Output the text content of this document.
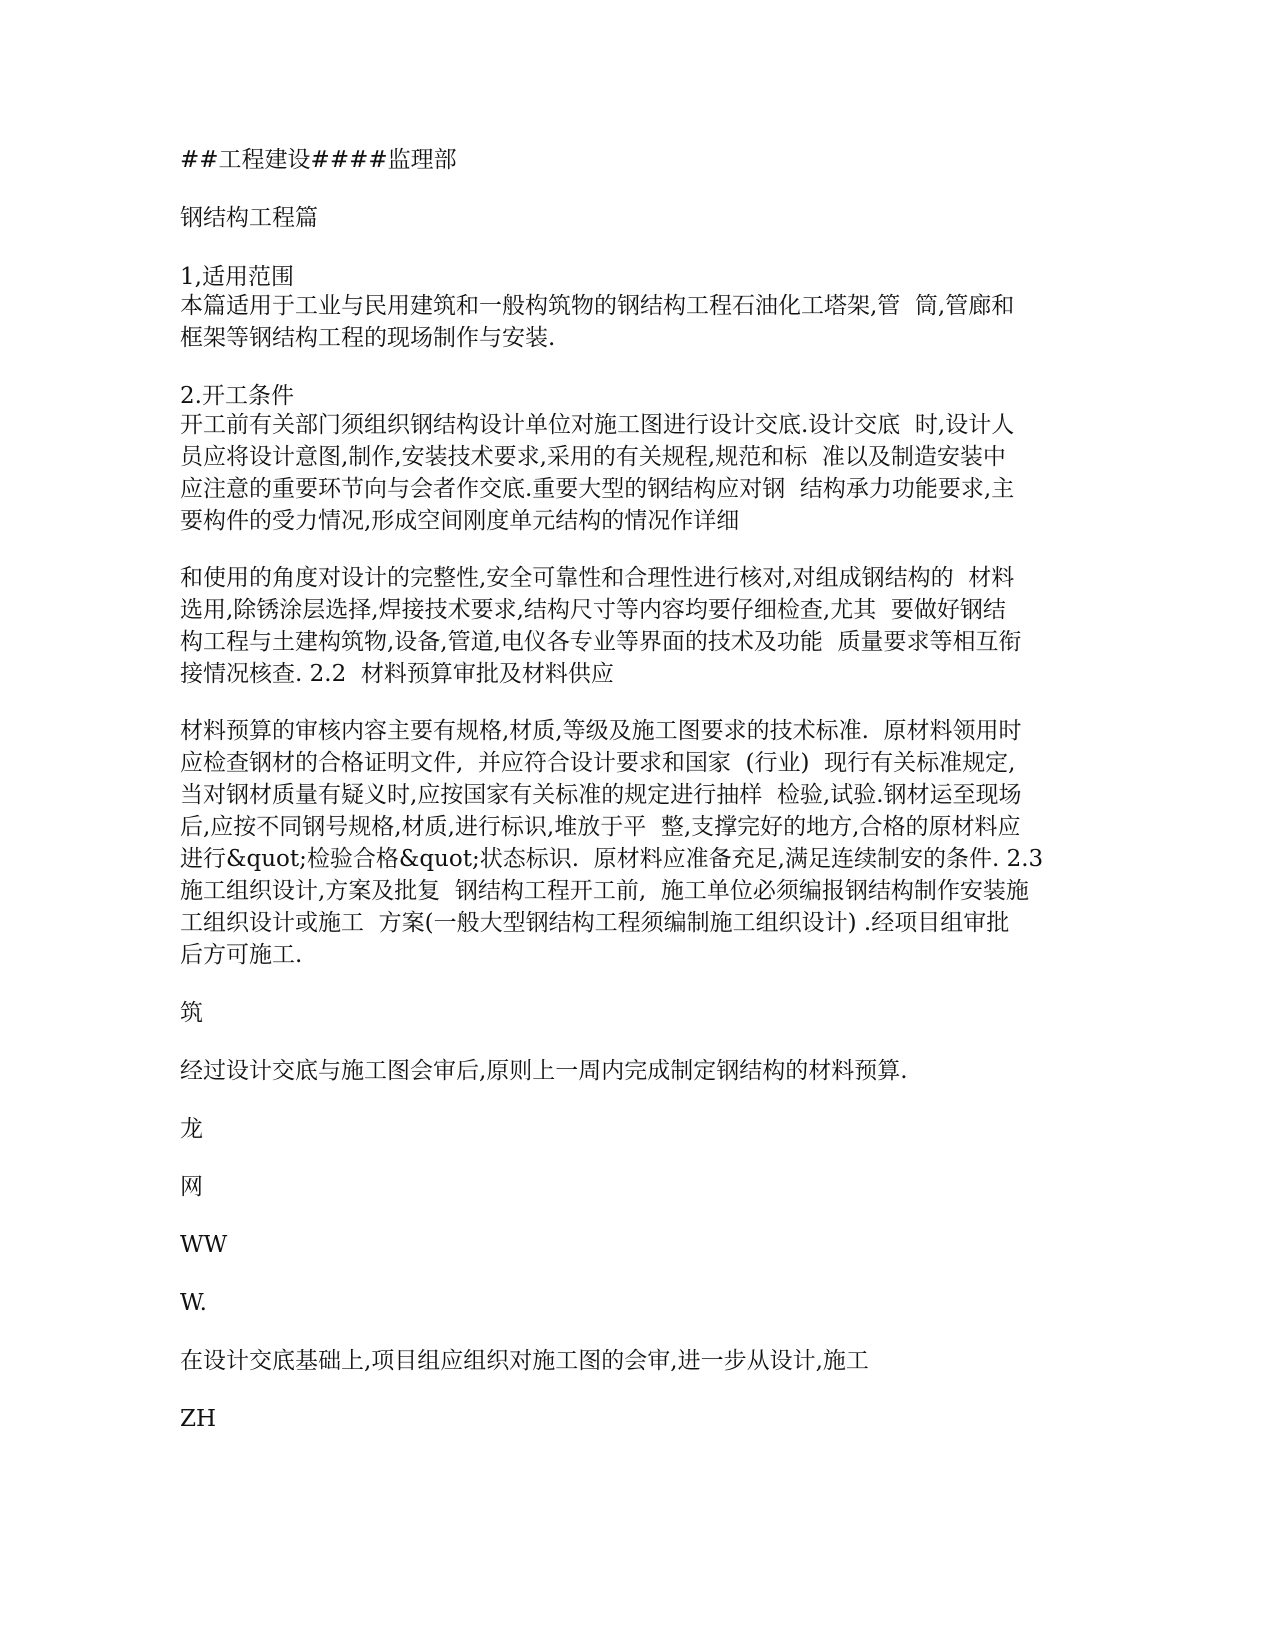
##工程建设####监理部

钢结构工程篇

1,适用范围

本篇适用于工业与民用建筑和一般构筑物的钢结构工程石油化工塔架,管  筒,管廊和

框架等钢结构工程的现场制作与安装.

2.开工条件

开工前有关部门须组织钢结构设计单位对施工图进行设计交底.设计交底  时,设计人

员应将设计意图,制作,安装技术要求,采用的有关规程,规范和标  准以及制造安装中

应注意的重要环节向与会者作交底.重要大型的钢结构应对钢  结构承力功能要求,主

要构件的受力情况,形成空间刚度单元结构的情况作详细

和使用的角度对设计的完整性,安全可靠性和合理性进行核对,对组成钢结构的  材料

选用,除锈涂层选择,焊接技术要求,结构尺寸等内容均要仔细检查,尤其  要做好钢结

构工程与土建构筑物,设备,管道,电仪各专业等界面的技术及功能  质量要求等相互衔

接情况核查. 2.2  材料预算审批及材料供应

材料预算的审核内容主要有规格,材质,等级及施工图要求的技术标准.  原材料领用时

应检查钢材的合格证明文件,  并应符合设计要求和国家  (行业)  现行有关标准规定,

当对钢材质量有疑义时,应按国家有关标准的规定进行抽样  检验,试验.钢材运至现场

后,应按不同钢号规格,材质,进行标识,堆放于平  整,支撑完好的地方,合格的原材料应

进行&quot;检验合格&quot;状态标识.  原材料应准备充足,满足连续制安的条件. 2.3

施工组织设计,方案及批复  钢结构工程开工前,  施工单位必须编报钢结构制作安装施

工组织设计或施工  方案(一般大型钢结构工程须编制施工组织设计) .经项目组审批

后方可施工.

筑

经过设计交底与施工图会审后,原则上一周内完成制定钢结构的材料预算.

龙

网

WW

W.

在设计交底基础上,项目组应组织对施工图的会审,进一步从设计,施工

ZH
